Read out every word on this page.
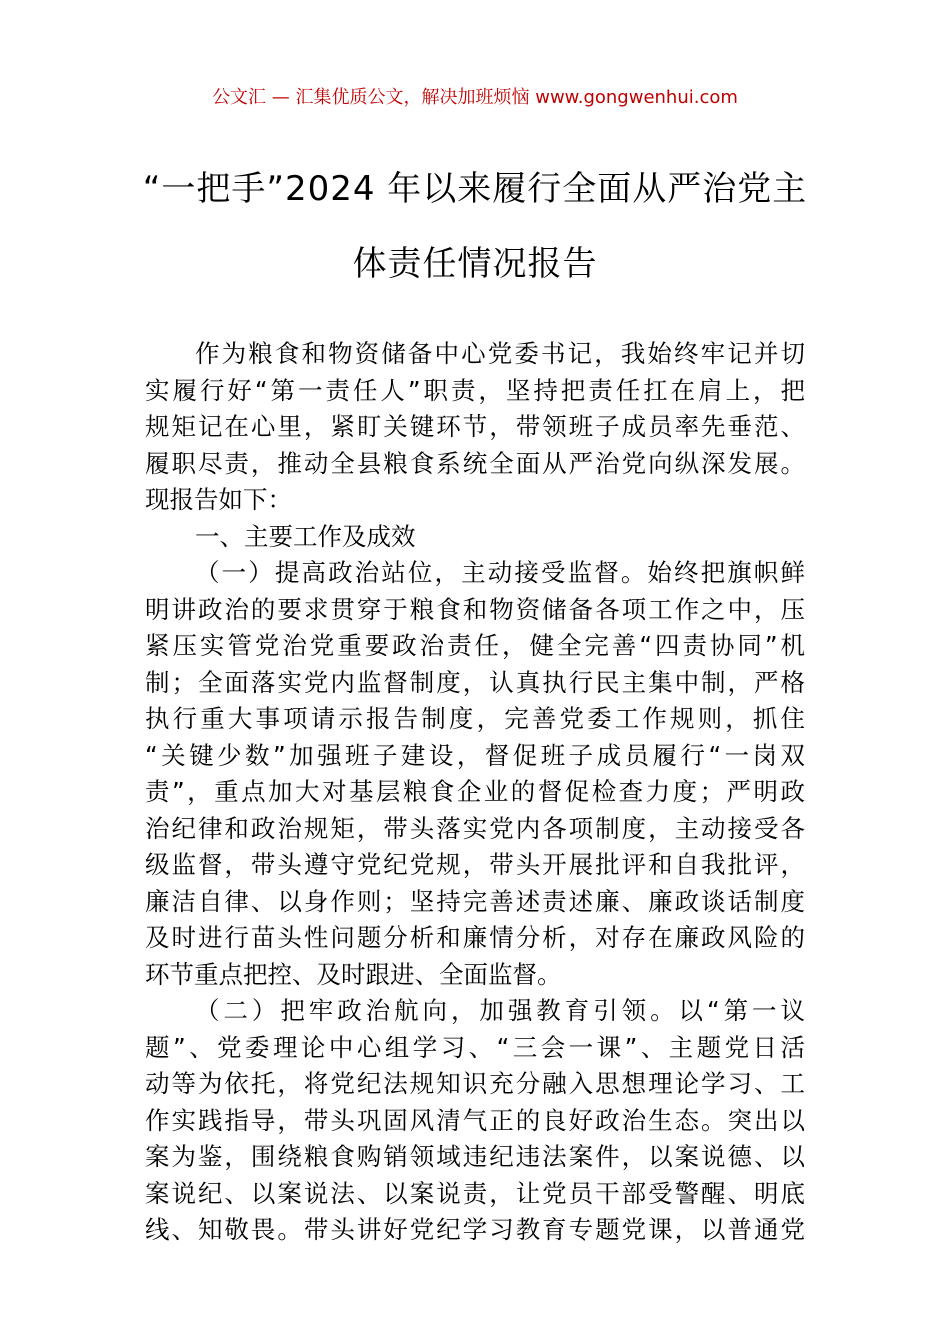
公文汇 — 汇集优质公文，解决加班烦恼 www.gongwenhui.com
“一把手”2024 年以来履行全面从严治党主
体责任情况报告
作为粮食和物资储备中心党委书记，我始终牢记并切
实履行好“第一责任人”职责，坚持把责任扛在肩上，把
规矩记在心里，紧盯关键环节，带领班子成员率先垂范、
履职尽责，推动全县粮食系统全面从严治党向纵深发展。
现报告如下：
一、主要工作及成效
（一）提高政治站位，主动接受监督。始终把旗帜鲜
明讲政治的要求贯穿于粮食和物资储备各项工作之中，压
紧压实管党治党重要政治责任，健全完善“四责协同”机
制；全面落实党内监督制度，认真执行民主集中制，严格
执行重大事项请示报告制度，完善党委工作规则，抓住
“关键少数”加强班子建设，督促班子成员履行“一岗双
责”，重点加大对基层粮食企业的督促检查力度；严明政
治纪律和政治规矩，带头落实党内各项制度，主动接受各
级监督，带头遵守党纪党规，带头开展批评和自我批评，
廉洁自律、以身作则；坚持完善述责述廉、廉政谈话制度
及时进行苗头性问题分析和廉情分析，对存在廉政风险的
环节重点把控、及时跟进、全面监督。
（二）把牢政治航向，加强教育引领。以“第一议
题”、党委理论中心组学习、“三会一课”、主题党日活
动等为依托，将党纪法规知识充分融入思想理论学习、工
作实践指导，带头巩固风清气正的良好政治生态。突出以
案为鉴，围绕粮食购销领域违纪违法案件，以案说德、以
案说纪、以案说法、以案说责，让党员干部受警醒、明底
线、知敬畏。带头讲好党纪学习教育专题党课，以普通党
